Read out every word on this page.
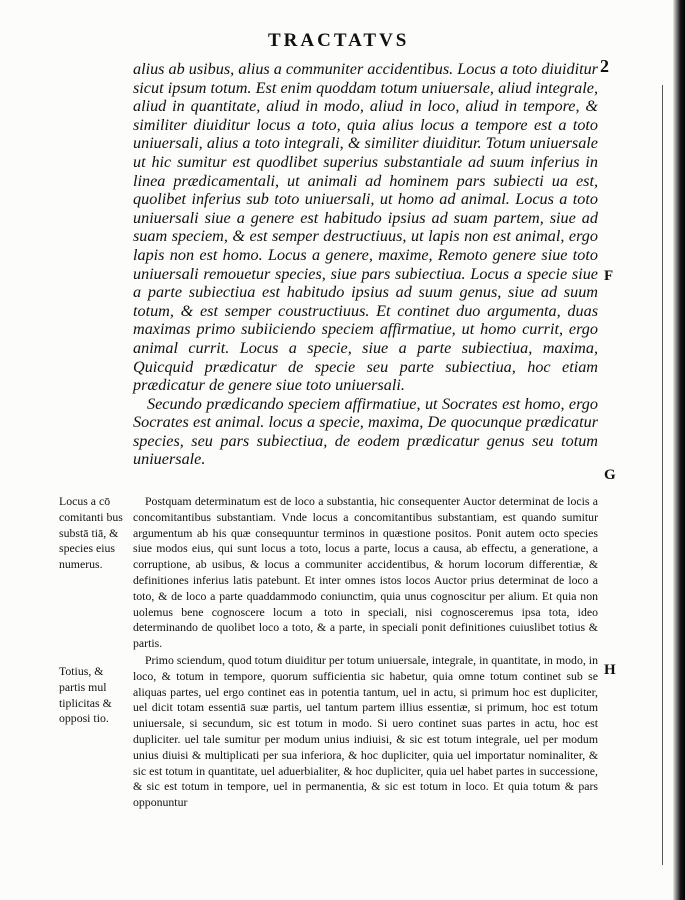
TRACTATVS
2
F
G
H

alius ab usibus, alius a communiter accidentibus. Locus a toto diuiditur sicut ipsum totum. Est enim quoddam totum uniuersale, aliud integrale, aliud in quantitate, aliud in modo, aliud in loco, aliud in tempore, & similiter diuiditur locus a toto, quia alius locus a tempore est a toto uniuersali, alius a toto integrali, & similiter diuiditur. Totum uniuersale ut hic sumitur est quodlibet superius substantiale ad suum inferius in linea prædicamentali, ut animali ad hominem pars subiecti ua est, quolibet inferius sub toto uniuersali, ut homo ad animal. Locus a toto uniuersali siue a genere est habitudo ipsius ad suam partem, siue ad suam speciem, & est semper destructiuus, ut lapis non est animal, ergo lapis non est homo. Locus a genere, maxime, Remoto genere siue toto uniuersali remouetur species, siue pars subiectiua. Locus a specie siue a parte subiectiua est habitudo ipsius ad suum genus, siue ad suum totum, & est semper coustructiuus. Et continet duo argumenta, duas maximas primo subiiciendo speciem affirmatiue, ut homo currit, ergo animal currit. Locus a specie, siue a parte subiectiua, maxima, Quicquid prædicatur de specie seu parte subiectiua, hoc etiam prædicatur de genere siue toto uniuersali.

Secundo prædicando speciem affirmatiue, ut Socrates est homo, ergo Socrates est animal. locus a specie, maxima, De quocunque prædicatur species, seu pars subiectiua, de eodem prædicatur genus seu totum uniuersale.

Locus a cō comitanti bus substā tiā, & species eius numerus.
Totius, & partis mul tiplicitas & opposi tio.

Postquam determinatum est de loco a substantia, hic consequenter Auctor determinat de locis a concomitantibus substantiam. Vnde locus a concomitantibus substantiam, est quando sumitur argumentum ab his quæ consequuntur terminos in quæstione positos. Ponit autem octo species siue modos eius, qui sunt locus a toto, locus a parte, locus a causa, ab effectu, a generatione, a corruptione, ab usibus, & locus a communiter accidentibus, & horum locorum differentiæ, & definitiones inferius latis patebunt. Et inter omnes istos locos Auctor prius determinat de loco a toto, & de loco a parte quaddammodo coniunctim, quia unus cognoscitur per alium. Et quia non uolemus bene cognoscere locum a toto in speciali, nisi cognosceremus ipsa tota, ideo determinando de quolibet loco a toto, & a parte, in speciali ponit definitiones cuiuslibet totius & partis.

Primo sciendum, quod totum diuiditur per totum uniuersale, integrale, in quantitate, in modo, in loco, & totum in tempore, quorum sufficientia sic habetur, quia omne totum continet sub se aliquas partes, uel ergo continet eas in potentia tantum, uel in actu, si primum hoc est dupliciter, uel dicit totam essentiā suæ partis, uel tantum partem illius essentiæ, si primum, hoc est totum uniuersale, si secundum, sic est totum in modo. Si uero continet suas partes in actu, hoc est dupliciter. uel tale sumitur per modum unius indiuisi, & sic est totum integrale, uel per modum unius diuisi & multiplicati per sua inferiora, & hoc dupliciter, quia uel importatur nominaliter, & sic est totum in quantitate, uel aduerbialiter, & hoc dupliciter, quia uel habet partes in successione, & sic est totum in tempore, uel in permanentia, & sic est totum in loco. Et quia totum & pars opponuntur
